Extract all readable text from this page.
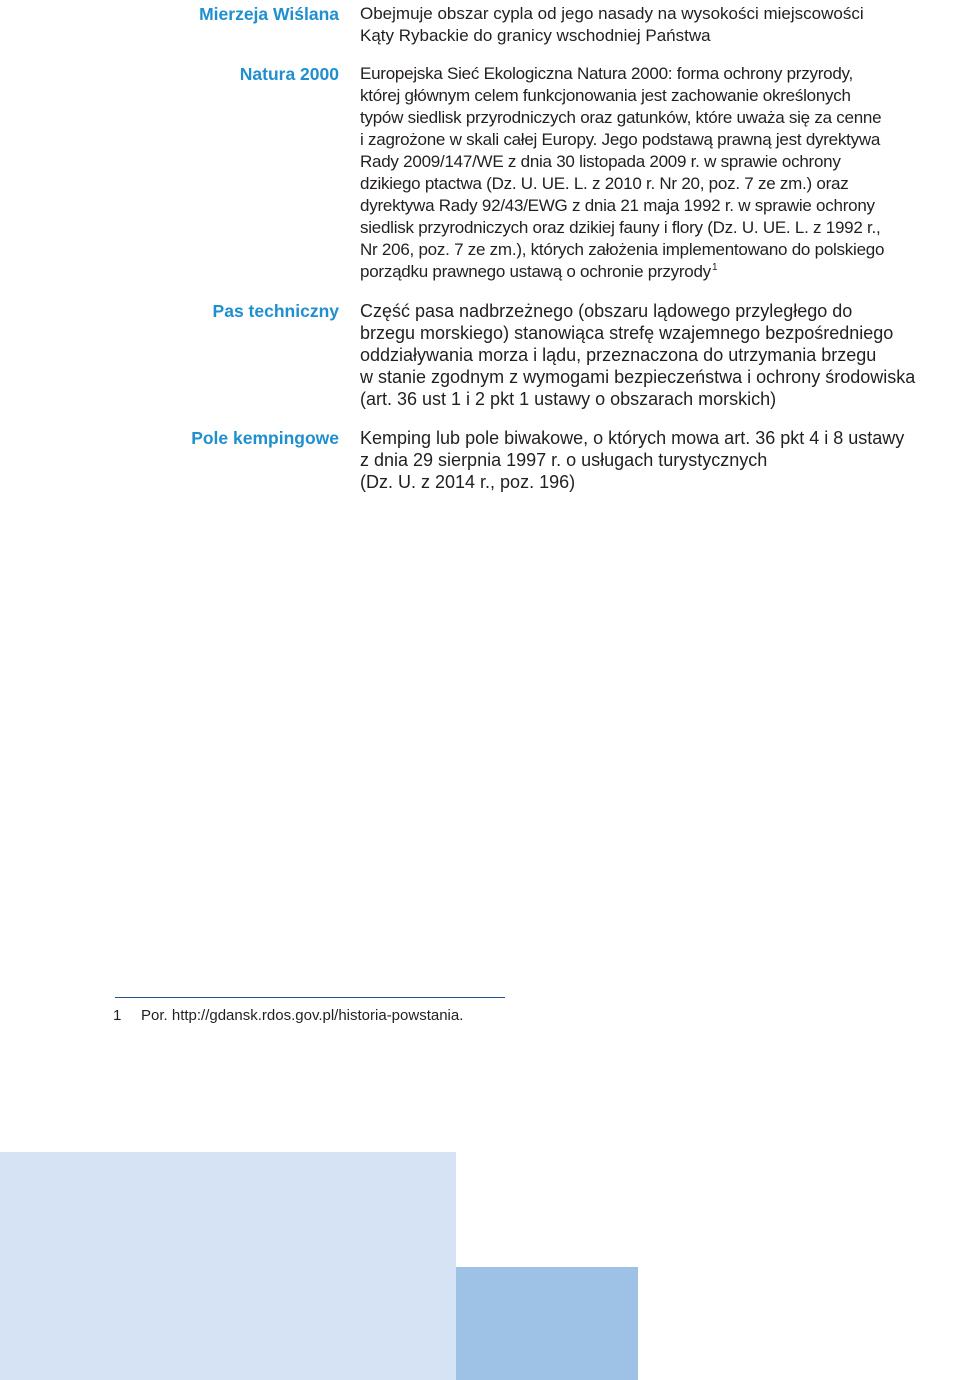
Mierzeja Wiślana Obejmuje obszar cypla od jego nasady na wysokości miejscowości
Kąty Rybackie do granicy wschodniej Państwa
Natura 2000 Europejska Sieć Ekologiczna Natura 2000: forma ochrony przyrody,
której głównym celem funkcjonowania jest zachowanie określonych
typów siedlisk przyrodniczych oraz gatunków, które uważa się za cenne
i zagrożone w skali całej Europy. Jego podstawą prawną jest dyrektywa
Rady 2009/147/WE z dnia 30 listopada 2009 r. w sprawie ochrony
dzikiego ptactwa (Dz. U. UE. L. z 2010 r. Nr 20, poz. 7 ze zm.) oraz
dyrektywa Rady 92/43/EWG z dnia 21 maja 1992 r. w sprawie ochrony
siedlisk przyrodniczych oraz dzikiej fauny i flory (Dz. U. UE. L. z 1992 r.,
Nr 206, poz. 7 ze zm.), których założenia implementowano do polskiego
porządku prawnego ustawą o ochronie przyrody$^1$
Pas techniczny Część pasa nadbrzeżnego (obszaru lądowego przyległego do
brzegu morskiego) stanowiąca strefę wzajemnego bezpośredniego
oddziaływania morza i lądu, przeznaczona do utrzymania brzegu
w stanie zgodnym z wymogami bezpieczeństwa i ochrony środowiska
(art. 36 ust 1 i 2 pkt 1 ustawy o obszarach morskich)
Pole kempingowe Kemping lub pole biwakowe, o których mowa art. 36 pkt 4 i 8 ustawy
z dnia 29 sierpnia 1997 r. o usługach turystycznych
(Dz. U. z 2014 r., poz. 196)
1 Por. http://gdansk.rdos.gov.pl/historia-powstania.
